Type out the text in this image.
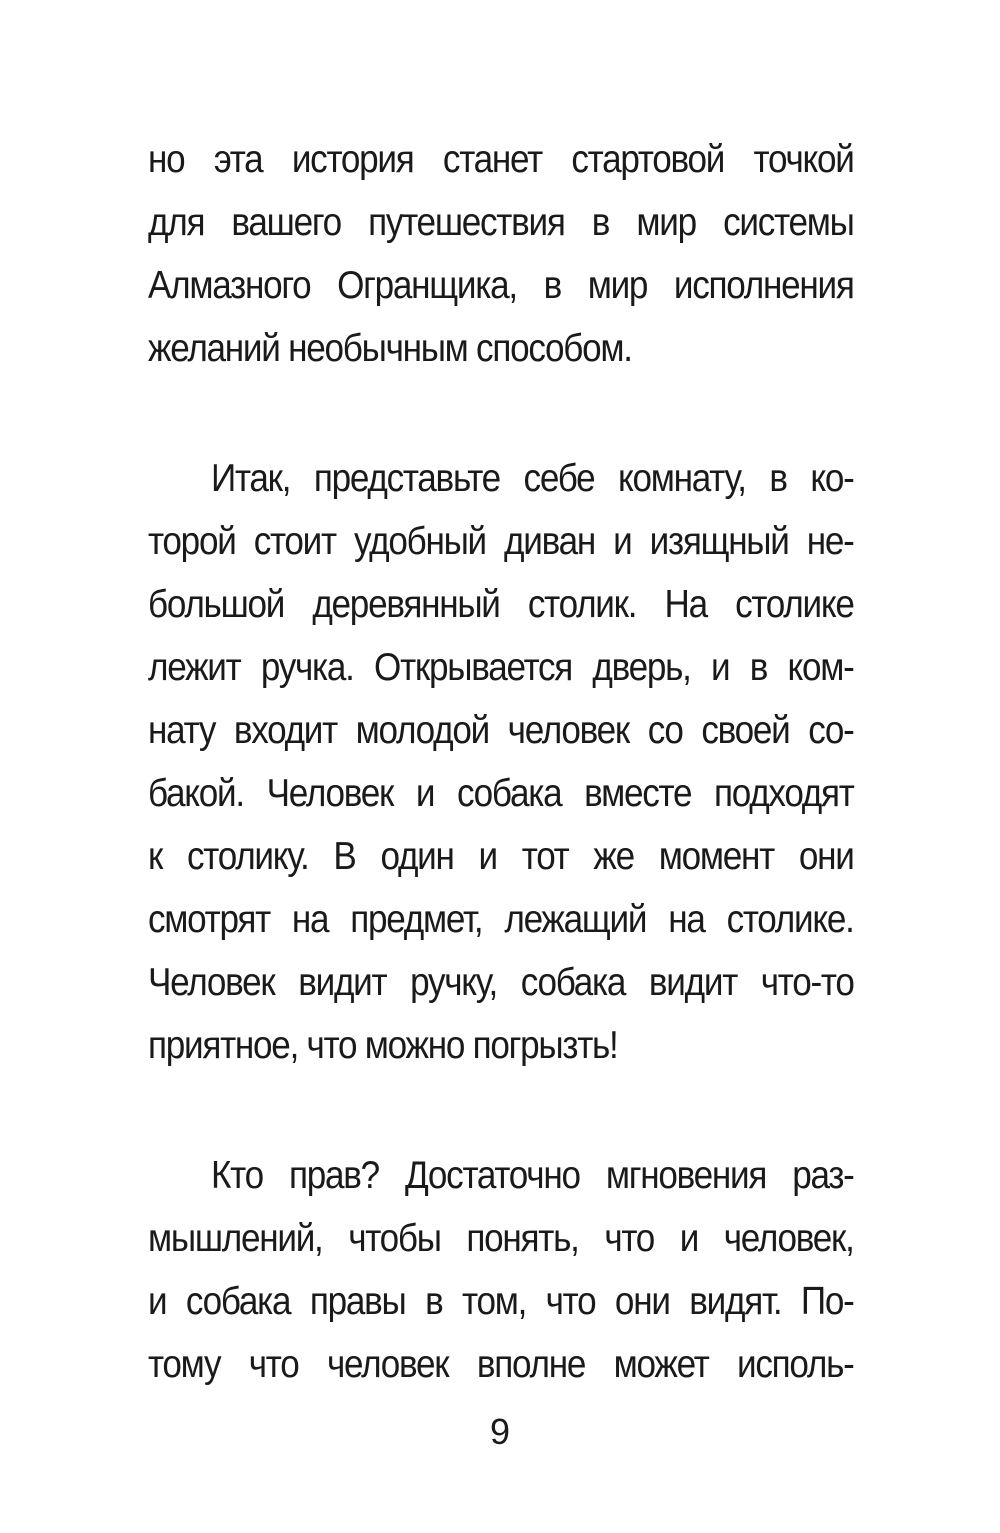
но эта история станет стартовой точкой
для вашего путешествия в мир системы
Алмазного Огранщика, в мир исполнения
желаний необычным способом.
Итак, представьте себе комнату, в ко-
торой стоит удобный диван и изящный не-
большой деревянный столик. На столике
лежит ручка. Открывается дверь, и в ком-
нату входит молодой человек со своей со-
бакой. Человек и собака вместе подходят
к столику. В один и тот же момент они
смотрят на предмет, лежащий на столике.
Человек видит ручку, собака видит что-то
приятное, что можно погрызть!
Кто прав? Достаточно мгновения раз-
мышлений, чтобы понять, что и человек,
и собака правы в том, что они видят. По-
тому что человек вполне может исполь-
9
